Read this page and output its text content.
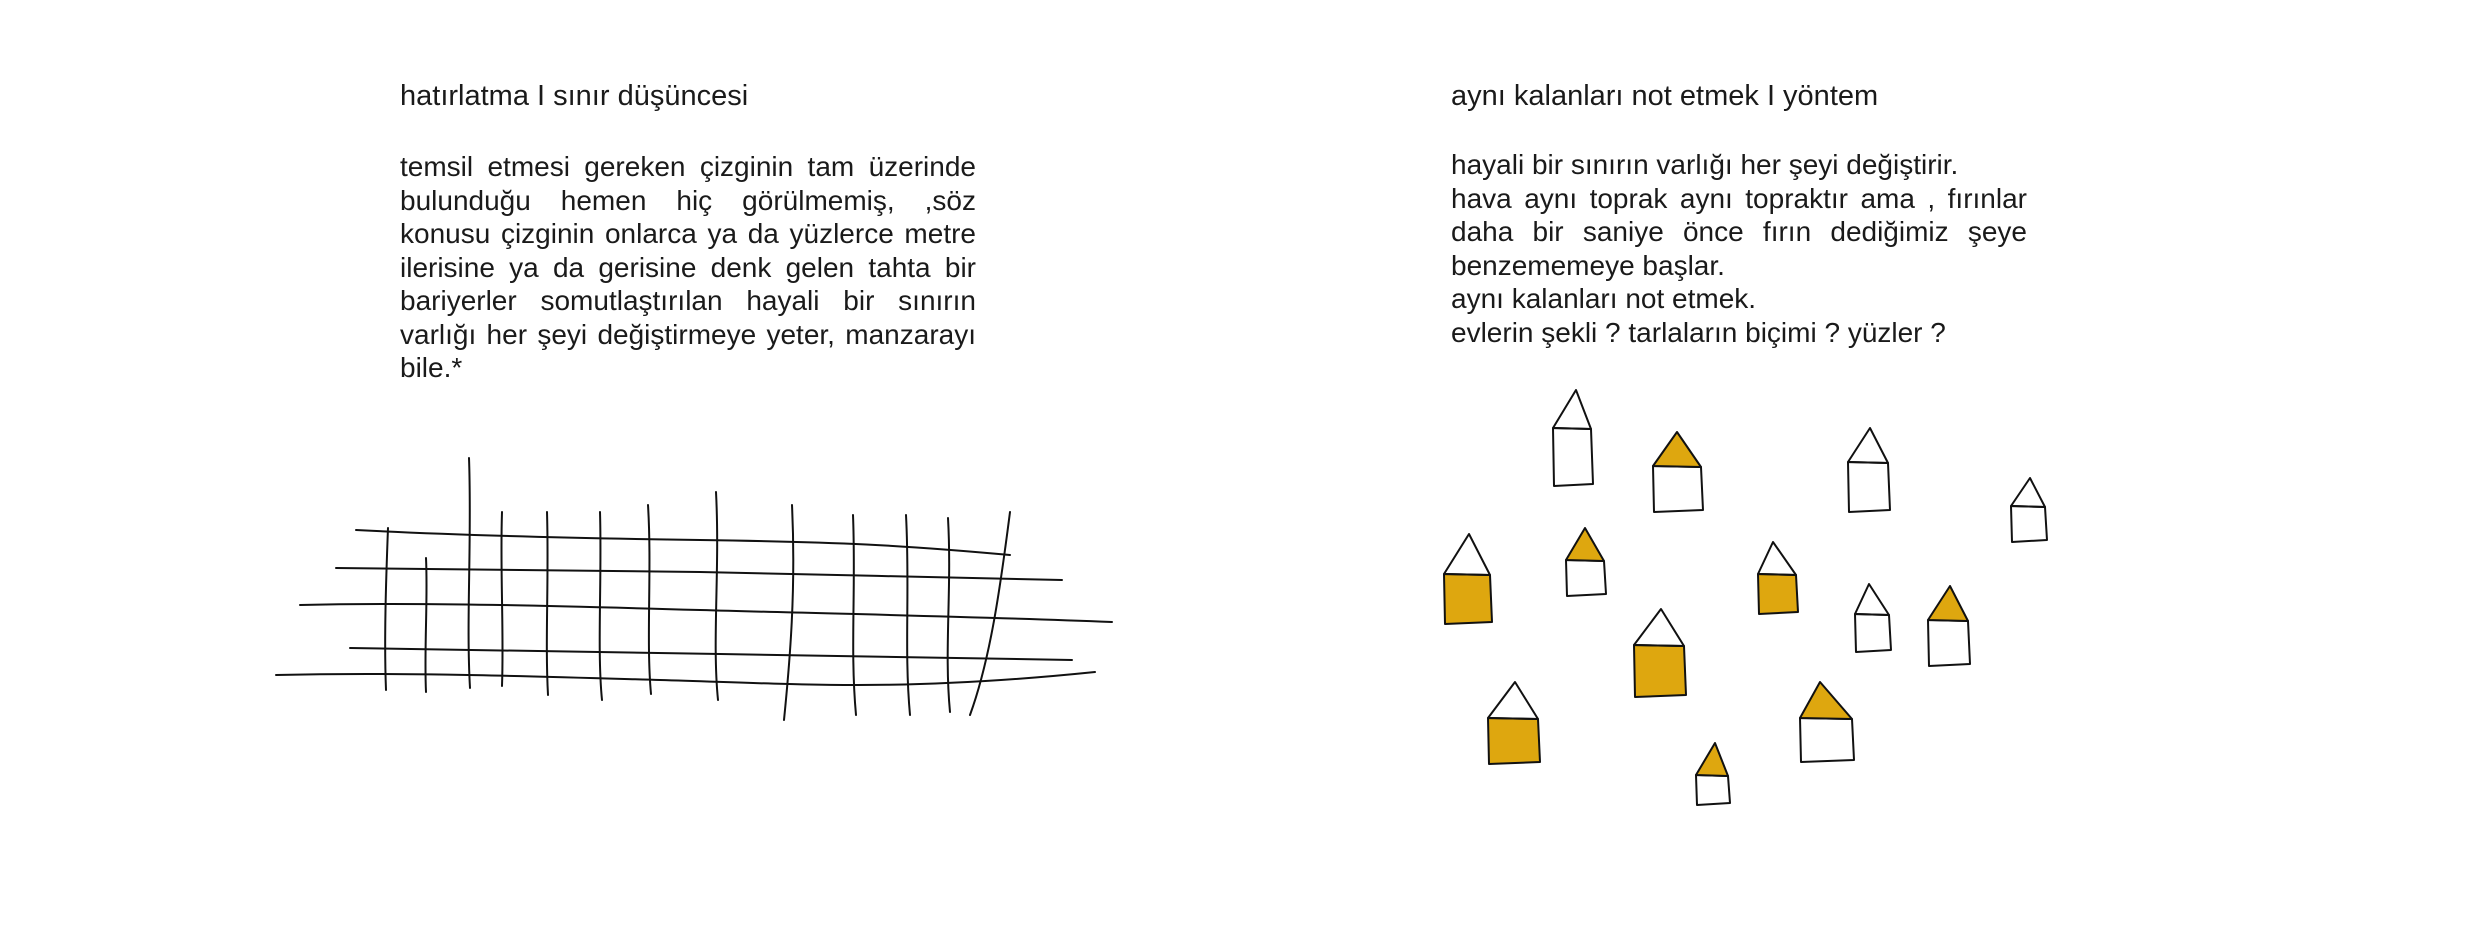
hatırlatma I sınır düşüncesi

temsil etmesi gereken çizginin tam üzerinde bulunduğu hemen hiç görülmemiş, ,söz konusu çizginin onlarca ya da yüzlerce metre ilerisine ya da gerisine denk gelen tahta bir bariyerler somutlaştırılan hayali bir sınırın varlığı her şeyi değiştirmeye yeter, manzarayı bile.*

aynı kalanları not etmek I yöntem

hayali bir sınırın varlığı her şeyi değiştirir.

hava aynı toprak aynı topraktır ama , fırınlar daha bir saniye önce fırın dediğimiz şeye benzememeye başlar.

aynı kalanları not etmek.

evlerin şekli ? tarlaların biçimi ? yüzler ?
